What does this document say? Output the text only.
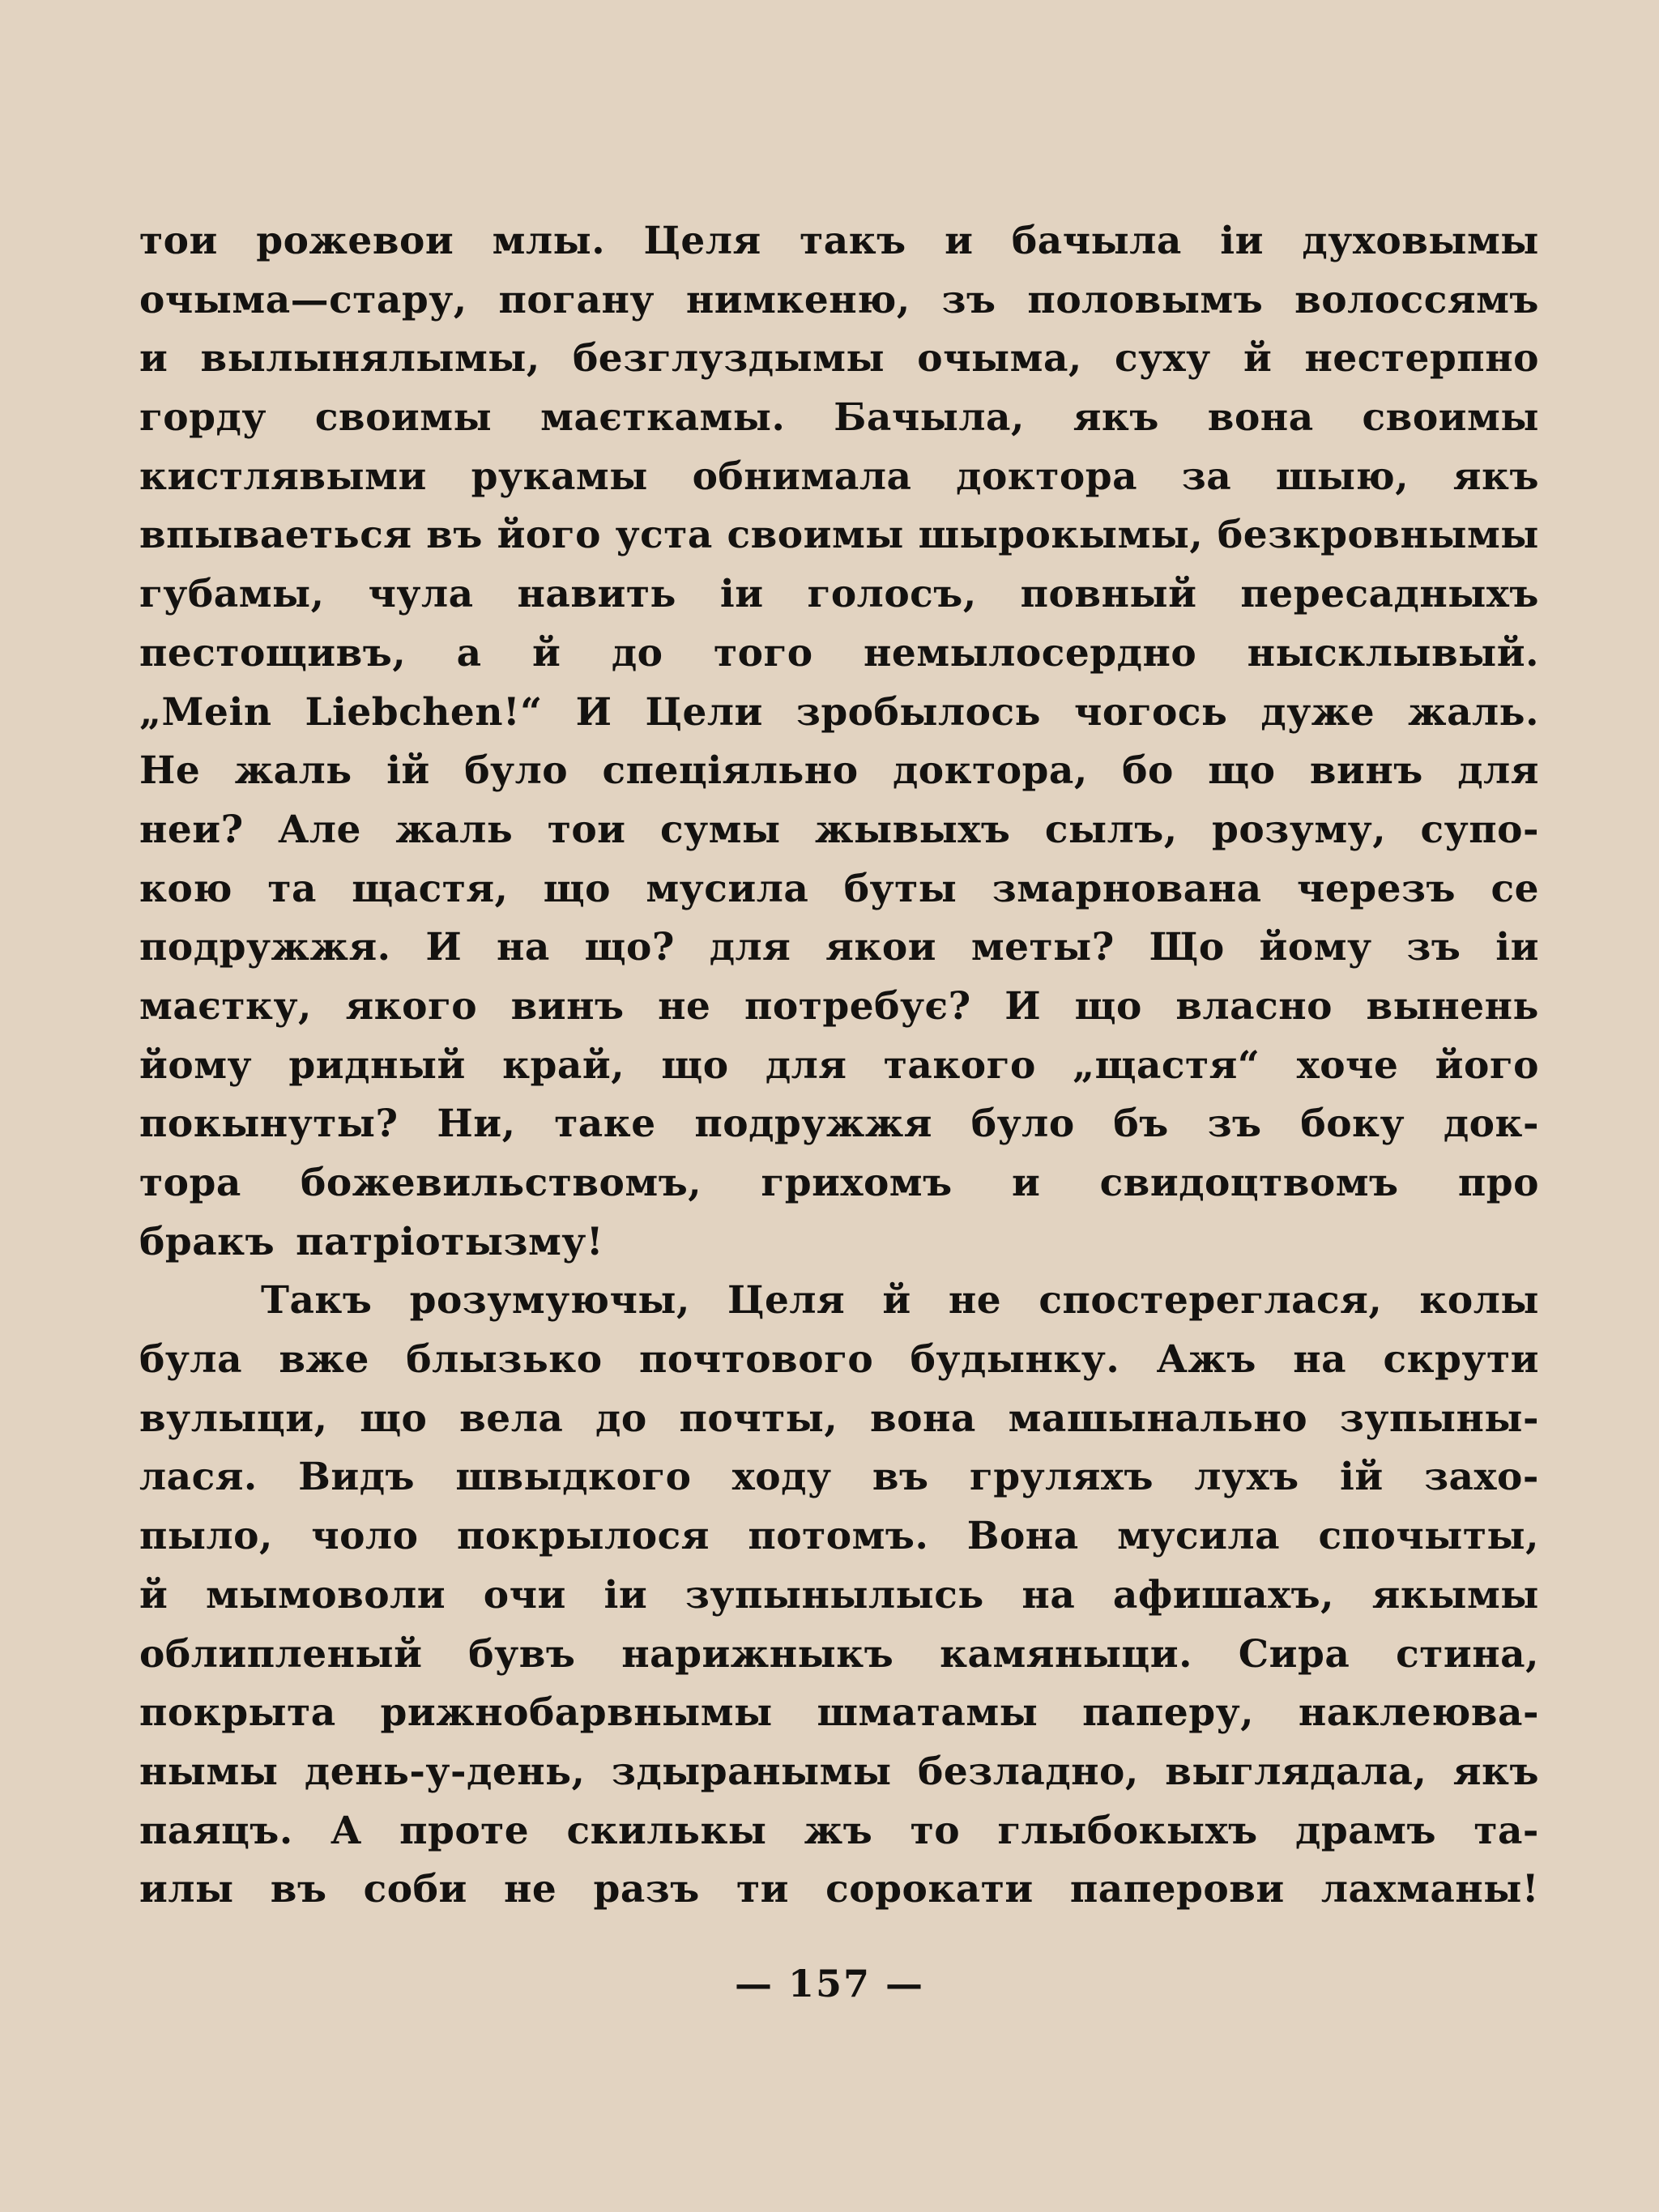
тои рожевои млы. Целя такъ и бачыла іи духовымы
очыма—стару, погану нимкеню, зъ половымъ волоссямъ
и вылынялымы, безглуздымы очыма, суху й нестерпно
горду своимы маєткамы. Бачыла, якъ вона своимы
кистлявыми рукамы обнимала доктора за шыю, якъ
впываеться въ його уста своимы шырокымы, безкровнымы
губамы, чула навить іи голосъ, повный пересадныхъ
пестощивъ, а й до того немылосердно нысклывый.
„Mein Liebchen!“ И Цели зробылось чогось дуже жаль.
Не жаль ій було спеціяльно доктора, бо що винъ для
неи? Але жаль тои сумы жывыхъ сылъ, розуму, супо-
кою та щастя, що мусила буты змарнована черезъ се
подружжя. И на що? для якои меты? Що йому зъ іи
маєтку, якого винъ не потребує? И що власно вынень
йому ридный край, що для такого „щастя“ хоче його
покынуты? Ни, таке подружжя було бъ зъ боку док-
тора божевильствомъ, грихомъ и свидоцтвомъ про
бракъ патріотызму!
Такъ розумуючы, Целя й не спостереглася, колы
була вже блызько почтового будынку. Ажъ на скрути
вулыци, що вела до почты, вона машынально зупыны-
лася. Видъ швыдкого ходу въ груляхъ лухъ ій захо-
пыло, чоло покрылося потомъ. Вона мусила спочыты,
й мымоволи очи іи зупынылысь на афишахъ, якымы
облипленый бувъ нарижныкъ камяныци. Сира стина,
покрыта рижнобарвнымы шматамы паперу, наклеюва-
нымы день-у-день, здыранымы безладно, выглядала, якъ
паяцъ. А проте скилькы жъ то глыбокыхъ драмъ та-
илы въ соби не разъ ти сорокати паперови лахманы!
— 157 —
